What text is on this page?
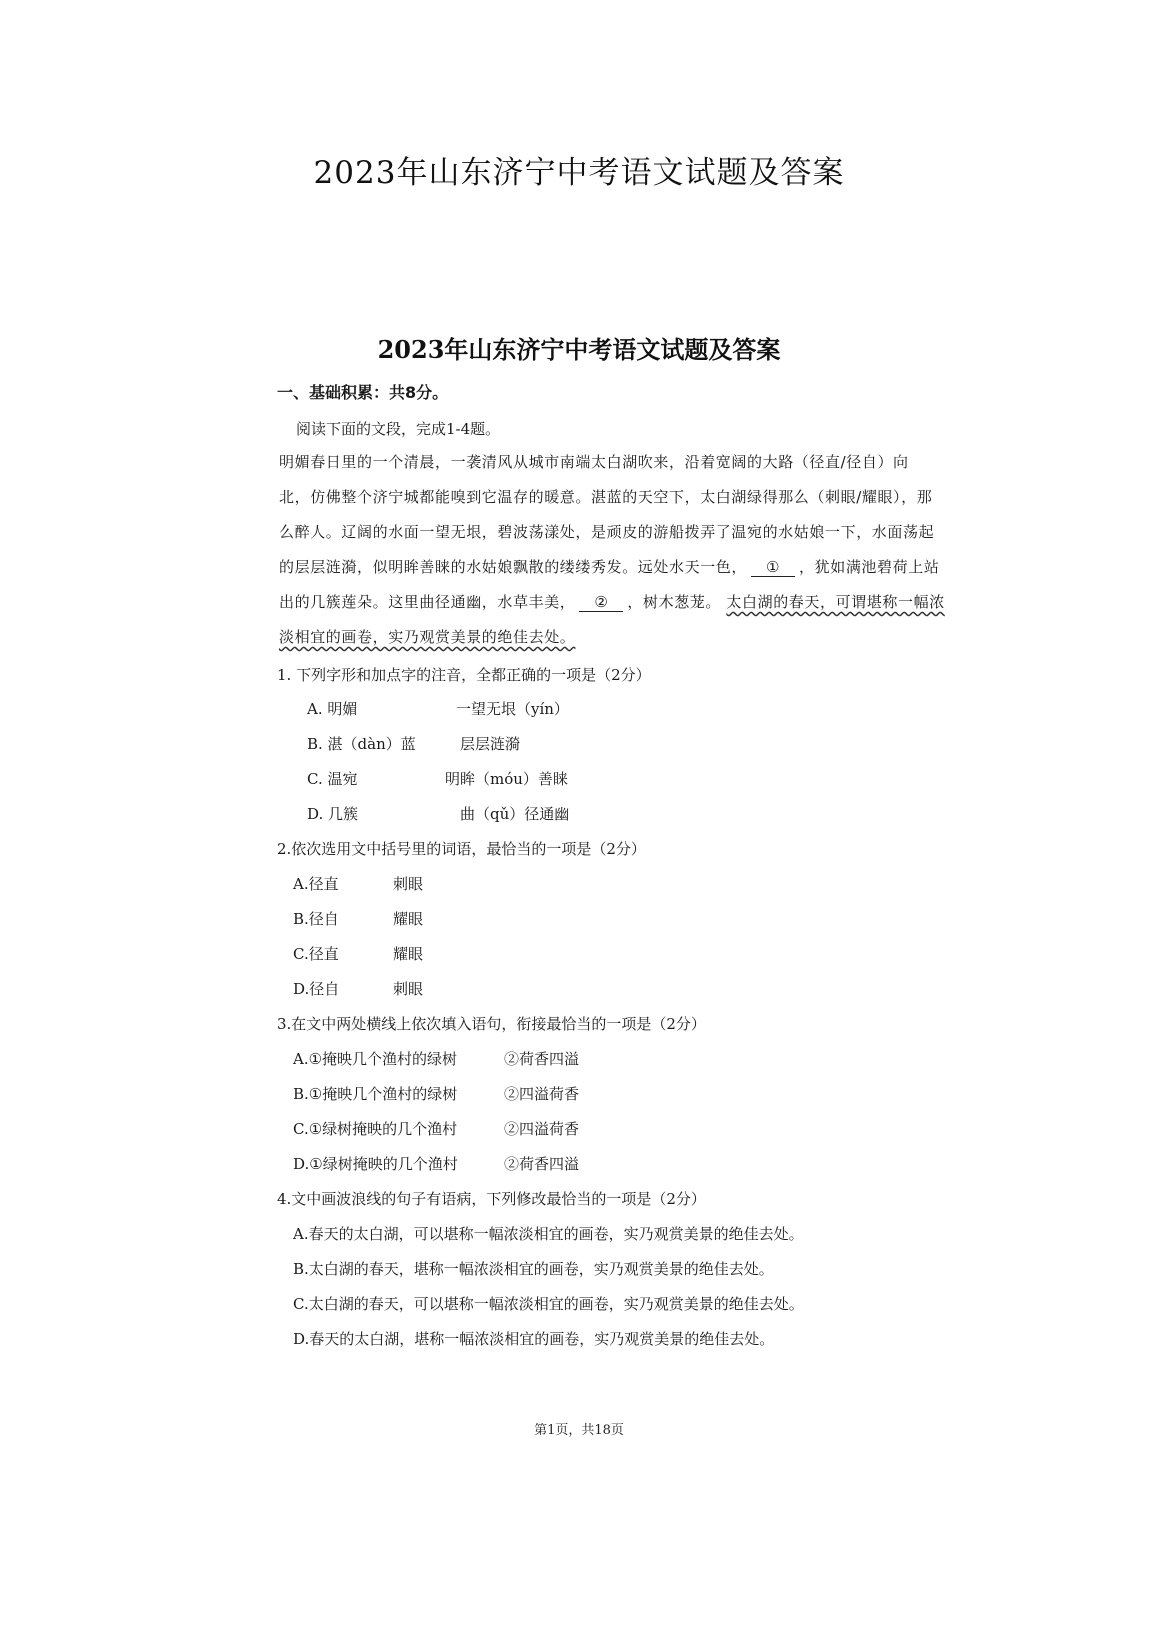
2023年山东济宁中考语文试题及答案
2023年山东济宁中考语文试题及答案
一、基础积累：共8分。
阅读下面的文段，完成1-4题。
明媚春日里的一个清晨，一袭清风从城市南端太白湖吹来，沿着宽阔的大路（径直/径自）向
北，仿佛整个济宁城都能嗅到它温存的暖意。湛蓝的天空下，太白湖绿得那么（刺眼/耀眼），那
么醉人。辽阔的水面一望无垠，碧波荡漾处，是顽皮的游船拨弄了温宛的水姑娘一下，水面荡起
的层层涟漪，似明眸善睐的水姑娘飘散的缕缕秀发。远处水天一色， ① ，犹如满池碧荷上站
出的几簇莲朵。这里曲径通幽，水草丰美， ② ，树木葱茏。 太白湖的春天，可谓堪称一幅浓
淡相宜的画卷，实乃观赏美景的绝佳去处。
1. 下列字形和加点字的注音，全都正确的一项是（2分）
A. 明媚	一望无垠（yín）
B. 湛（dàn）蓝	层层涟漪
C. 温宛	明眸（móu）善睐
D. 几簇	曲（qǔ）径通幽
2.依次选用文中括号里的词语，最恰当的一项是（2分）
A.径直	刺眼
B.径自	耀眼
C.径直	耀眼
D.径自	刺眼
3.在文中两处横线上依次填入语句，衔接最恰当的一项是（2分）
A.①掩映几个渔村的绿树	②荷香四溢
B.①掩映几个渔村的绿树	②四溢荷香
C.①绿树掩映的几个渔村	②四溢荷香
D.①绿树掩映的几个渔村	②荷香四溢
4.文中画波浪线的句子有语病，下列修改最恰当的一项是（2分）
A.春天的太白湖，可以堪称一幅浓淡相宜的画卷，实乃观赏美景的绝佳去处。
B.太白湖的春天，堪称一幅浓淡相宜的画卷，实乃观赏美景的绝佳去处。
C.太白湖的春天，可以堪称一幅浓淡相宜的画卷，实乃观赏美景的绝佳去处。
D.春天的太白湖，堪称一幅浓淡相宜的画卷，实乃观赏美景的绝佳去处。
第1页，共18页
